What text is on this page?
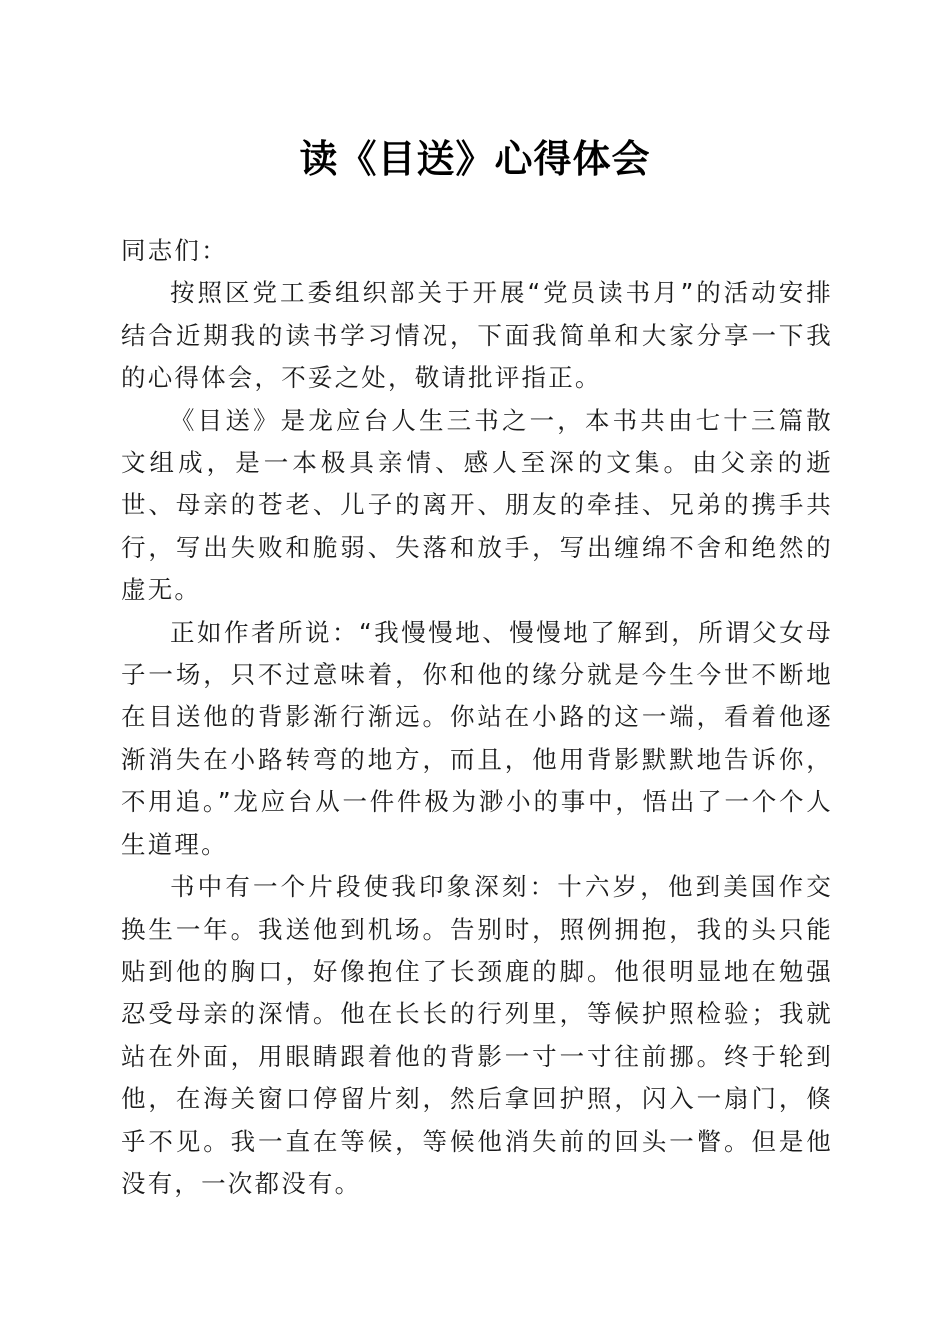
读《目送》心得体会

同志们：

按照区党工委组织部关于开展“党员读书月”的活动安排结合近期我的读书学习情况，下面我简单和大家分享一下我的心得体会，不妥之处，敬请批评指正。

《目送》是龙应台人生三书之一，本书共由七十三篇散文组成，是一本极具亲情、感人至深的文集。由父亲的逝世、母亲的苍老、儿子的离开、朋友的牵挂、兄弟的携手共行，写出失败和脆弱、失落和放手，写出缠绵不舍和绝然的虚无。

正如作者所说：“我慢慢地、慢慢地了解到，所谓父女母子一场，只不过意味着，你和他的缘分就是今生今世不断地在目送他的背影渐行渐远。你站在小路的这一端，看着他逐渐消失在小路转弯的地方，而且，他用背影默默地告诉你，不用追。”龙应台从一件件极为渺小的事中，悟出了一个个人生道理。

书中有一个片段使我印象深刻：十六岁，他到美国作交换生一年。我送他到机场。告别时，照例拥抱，我的头只能贴到他的胸口，好像抱住了长颈鹿的脚。他很明显地在勉强忍受母亲的深情。他在长长的行列里，等候护照检验；我就站在外面，用眼睛跟着他的背影一寸一寸往前挪。终于轮到他，在海关窗口停留片刻，然后拿回护照，闪入一扇门，倏乎不见。我一直在等候，等候他消失前的回头一瞥。但是他没有，一次都没有。
